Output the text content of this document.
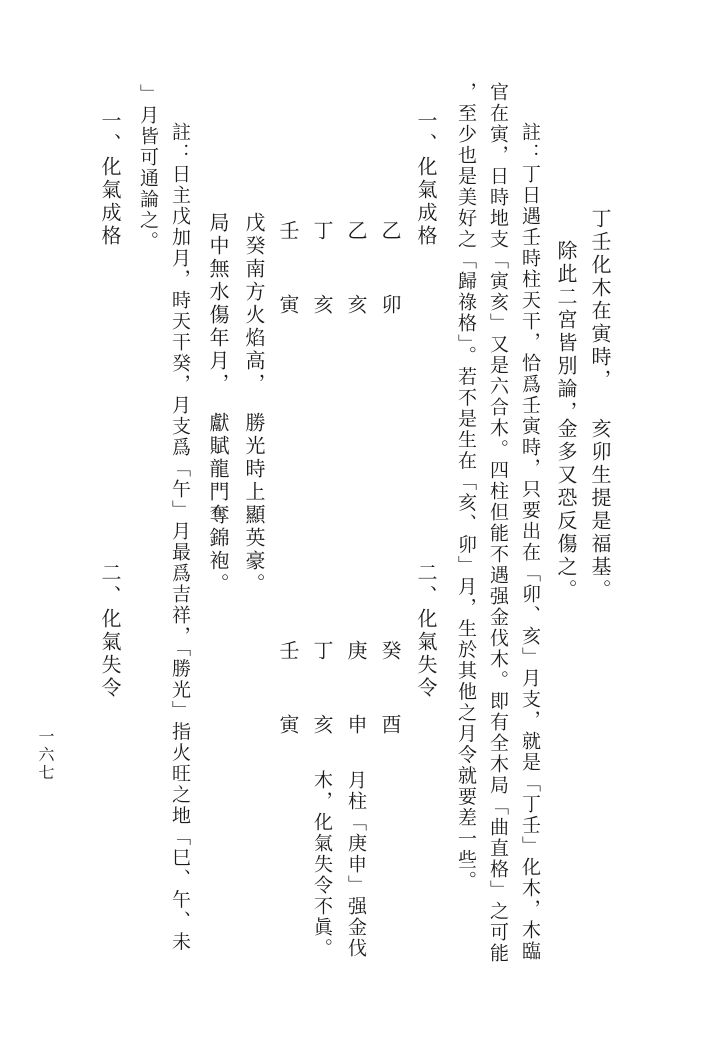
丁壬化木在寅時，
亥卯生提是福基。
除此二宮皆別論，
金多又恐反傷之。
註：丁日遇壬時柱天干，恰爲壬寅時，只要出在「卯、亥」月支，就是「丁壬」化木，木臨
官在寅，日時地支「寅亥」又是六合木。四柱但能不遇强金伐木。即有全木局「曲直格」之可能
，至少也是美好之「歸祿格」。若不是生在「亥、卯」月，生於其他之月令就要差一些。
一、化氣成格
二、化氣失令
乙卯
乙亥
丁亥
壬寅
癸酉
庚申
丁亥
壬寅
月柱「庚申」强金伐
木，化氣失令不眞。
戊癸南方火焰高，
勝光時上顯英豪。
局中無水傷年月，
獻賦龍門奪錦袍。
註：日主戊加月，時天干癸，月支爲「午」月最爲吉祥，「勝光」指火旺之地「巳、午、未
」月皆可通論之。
一、化氣成格
二、化氣失令
一六七
